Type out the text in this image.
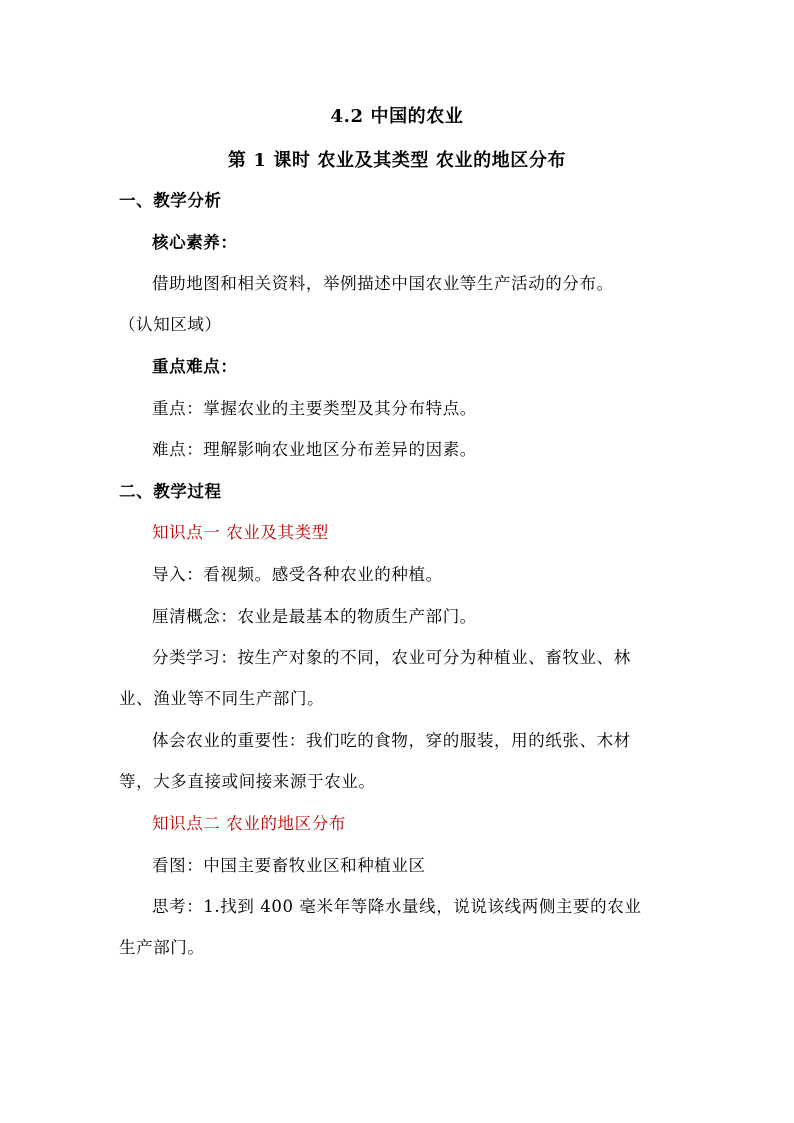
4.2 中国的农业
第 1 课时 农业及其类型 农业的地区分布
一、教学分析
核心素养：
借助地图和相关资料，举例描述中国农业等生产活动的分布。
（认知区域）
重点难点：
重点：掌握农业的主要类型及其分布特点。
难点：理解影响农业地区分布差异的因素。
二、教学过程
知识点一 农业及其类型
导入：看视频。感受各种农业的种植。
厘清概念：农业是最基本的物质生产部门。
分类学习：按生产对象的不同，农业可分为种植业、畜牧业、林
业、渔业等不同生产部门。
体会农业的重要性：我们吃的食物，穿的服装，用的纸张、木材
等，大多直接或间接来源于农业。
知识点二 农业的地区分布
看图：中国主要畜牧业区和种植业区
思考：1.找到 400 毫米年等降水量线，说说该线两侧主要的农业
生产部门。
